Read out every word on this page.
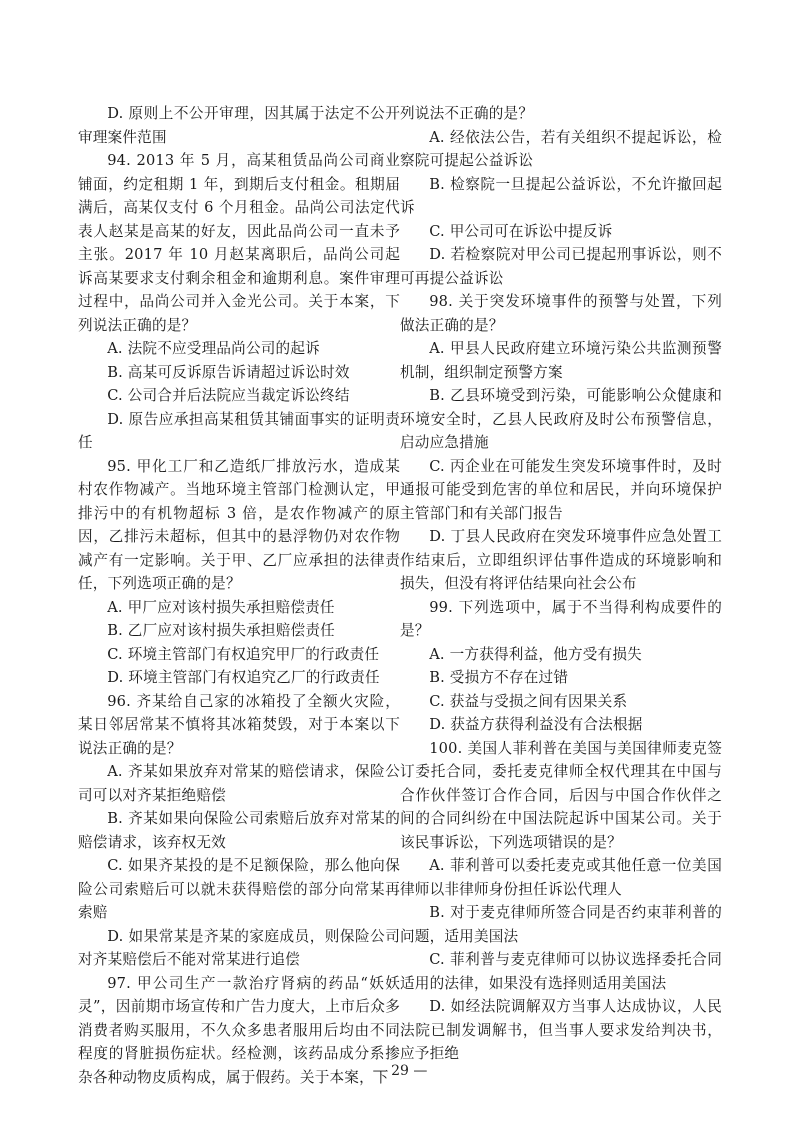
D. 原则上不公开审理，因其属于法定不公开审理案件范围

94. 2013 年 5 月，高某租赁品尚公司商业铺面，约定租期 1 年，到期后支付租金。租期届满后，高某仅支付 6 个月租金。品尚公司法定代表人赵某是高某的好友，因此品尚公司一直未予主张。2017 年 10 月赵某离职后，品尚公司起诉高某要求支付剩余租金和逾期利息。案件审理过程中，品尚公司并入金光公司。关于本案，下列说法正确的是？

A. 法院不应受理品尚公司的起诉

B. 高某可反诉原告诉请超过诉讼时效

C. 公司合并后法院应当裁定诉讼终结

D. 原告应承担高某租赁其铺面事实的证明责任

95. 甲化工厂和乙造纸厂排放污水，造成某村农作物减产。当地环境主管部门检测认定，甲排污中的有机物超标 3 倍，是农作物减产的原因，乙排污未超标，但其中的悬浮物仍对农作物减产有一定影响。关于甲、乙厂应承担的法律责任，下列选项正确的是？

A. 甲厂应对该村损失承担赔偿责任

B. 乙厂应对该村损失承担赔偿责任

C. 环境主管部门有权追究甲厂的行政责任

D. 环境主管部门有权追究乙厂的行政责任

96. 齐某给自己家的冰箱投了全额火灾险，某日邻居常某不慎将其冰箱焚毁，对于本案以下说法正确的是？

A. 齐某如果放弃对常某的赔偿请求，保险公司可以对齐某拒绝赔偿

B. 齐某如果向保险公司索赔后放弃对常某的赔偿请求，该弃权无效

C. 如果齐某投的是不足额保险，那么他向保险公司索赔后可以就未获得赔偿的部分向常某再索赔

D. 如果常某是齐某的家庭成员，则保险公司对齐某赔偿后不能对常某进行追偿

97. 甲公司生产一款治疗肾病的药品“妖妖灵”，因前期市场宣传和广告力度大，上市后众多消费者购买服用，不久众多患者服用后均由不同程度的肾脏损伤症状。经检测，该药品成分系掺杂各种动物皮质构成，属于假药。关于本案，下

列说法不正确的是？

A. 经依法公告，若有关组织不提起诉讼，检察院可提起公益诉讼

B. 检察院一旦提起公益诉讼，不允许撤回起诉

C. 甲公司可在诉讼中提反诉

D. 若检察院对甲公司已提起刑事诉讼，则不可再提公益诉讼

98. 关于突发环境事件的预警与处置，下列做法正确的是？

A. 甲县人民政府建立环境污染公共监测预警机制，组织制定预警方案

B. 乙县环境受到污染，可能影响公众健康和环境安全时，乙县人民政府及时公布预警信息，启动应急措施

C. 丙企业在可能发生突发环境事件时，及时通报可能受到危害的单位和居民，并向环境保护主管部门和有关部门报告

D. 丁县人民政府在突发环境事件应急处置工作结束后，立即组织评估事件造成的环境影响和损失，但没有将评估结果向社会公布

99. 下列选项中，属于不当得利构成要件的是？

A. 一方获得利益，他方受有损失

B. 受损方不存在过错

C. 获益与受损之间有因果关系

D. 获益方获得利益没有合法根据

100. 美国人菲利普在美国与美国律师麦克签订委托合同，委托麦克律师全权代理其在中国与合作伙伴签订合作合同，后因与中国合作伙伴之间的合同纠纷在中国法院起诉中国某公司。关于该民事诉讼，下列选项错误的是？

A. 菲利普可以委托麦克或其他任意一位美国律师以非律师身份担任诉讼代理人

B. 对于麦克律师所签合同是否约束菲利普的问题，适用美国法

C. 菲利普与麦克律师可以协议选择委托合同适用的法律，如果没有选择则适用美国法

D. 如经法院调解双方当事人达成协议，人民法院已制发调解书，但当事人要求发给判决书，应予拒绝

— 29 —
